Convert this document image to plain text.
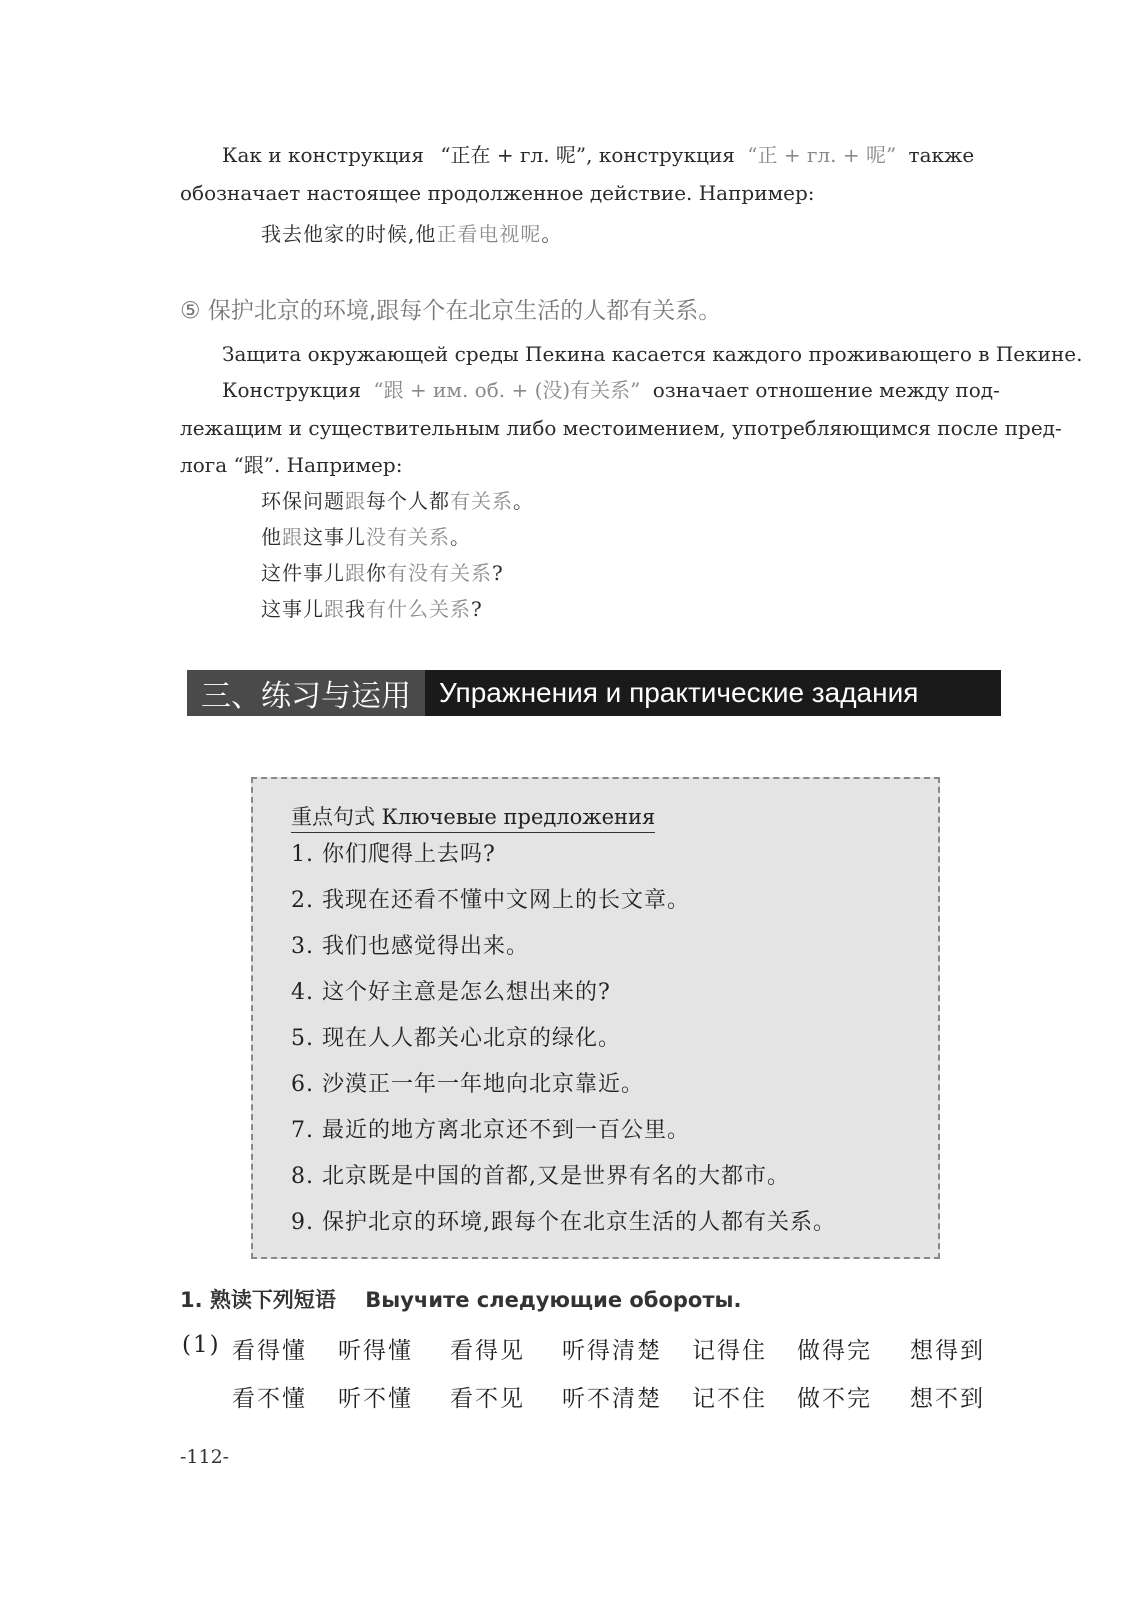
Как и конструкция “正在 + гл. 呢”, конструкция “正 + гл. + 呢” также
обозначает настоящее продолженное действие. Например:
我去他家的时候,他正看电视呢。
⑤ 保护北京的环境,跟每个在北京生活的人都有关系。
Защита окружающей среды Пекина касается каждого проживающего в Пекине.
Конструкция “跟 + им. об. + (没)有关系” означает отношение между под-
лежащим и существительным либо местоимением, употребляющимся после пред-
лога “跟”. Например:
环保问题跟每个人都有关系。
他跟这事儿没有关系。
这件事儿跟你有没有关系?
这事儿跟我有什么关系?
三、练习与运用	Упражнения и практические задания
重点句式 Ключевые предложения
1. 你们爬得上去吗?
2. 我现在还看不懂中文网上的长文章。
3. 我们也感觉得出来。
4. 这个好主意是怎么想出来的?
5. 现在人人都关心北京的绿化。
6. 沙漠正一年一年地向北京靠近。
7. 最近的地方离北京还不到一百公里。
8. 北京既是中国的首都,又是世界有名的大都市。
9. 保护北京的环境,跟每个在北京生活的人都有关系。
1. 熟读下列短语 Выучите следующие обороты.
(1) 看得懂 听得懂 看得见 听得清楚 记得住 做得完 想得到
看不懂 听不懂 看不见 听不清楚 记不住 做不完 想不到
-112-
